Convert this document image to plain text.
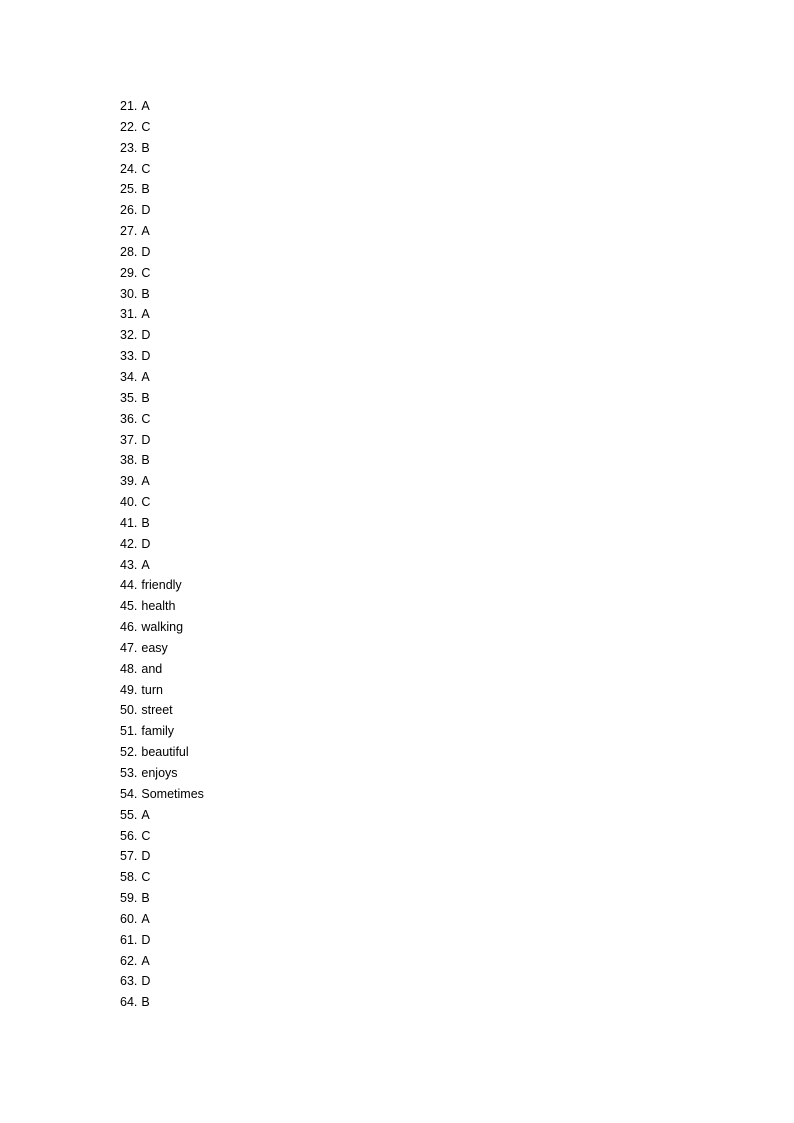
21. A
22. C
23. B
24. C
25. B
26. D
27. A
28. D
29. C
30. B
31. A
32. D
33. D
34. A
35. B
36. C
37. D
38. B
39. A
40. C
41. B
42. D
43. A
44. friendly
45. health
46. walking
47. easy
48. and
49. turn
50. street
51. family
52. beautiful
53. enjoys
54. Sometimes
55. A
56. C
57. D
58. C
59. B
60. A
61. D
62. A
63. D
64. B
